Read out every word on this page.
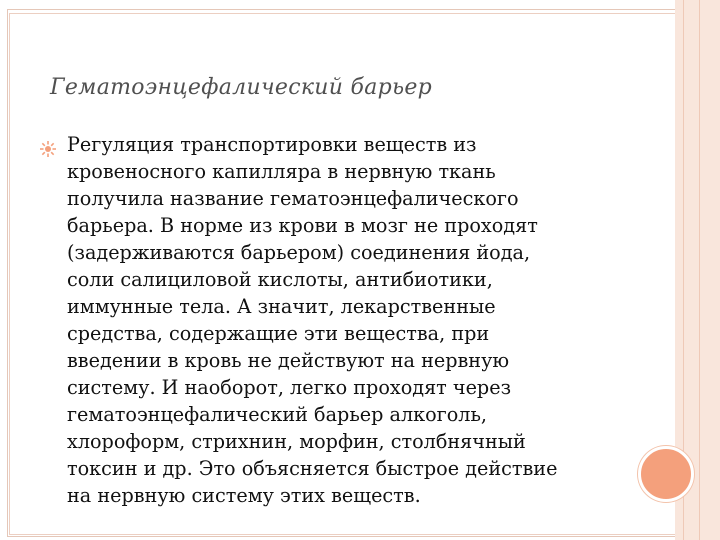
Гематоэнцефалический барьер
Регуляция транспортировки веществ из
кровеносного капилляра в нервную ткань
получила название гематоэнцефалического
барьера. В норме из крови в мозг не проходят
(задерживаются барьером) соединения йода,
соли салициловой кислоты, антибиотики,
иммунные тела. А значит, лекарственные
средства, содержащие эти вещества, при
введении в кровь не действуют на нервную
систему. И наоборот, легко проходят через
гематоэнцефалический барьер алкоголь,
хлороформ, стрихнин, морфин, столбнячный
токсин и др. Это объясняется быстрое действие
на нервную систему этих веществ.
